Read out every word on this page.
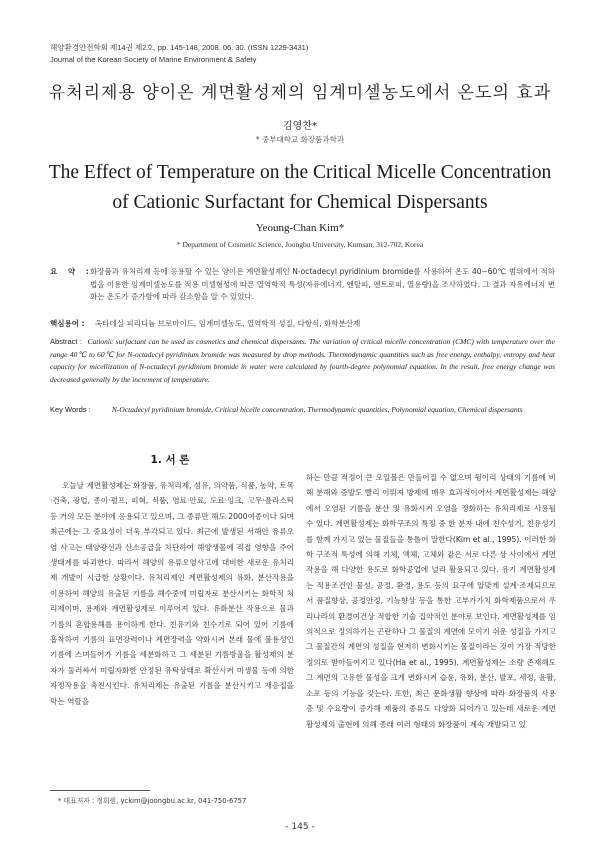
해양환경안전학회 제14권 제2호, pp. 145-148, 2008. 06. 30. (ISSN 1229-3431)
Journal of the Korean Society of Marine Environment & Safety
유처리제용 양이온 계면활성제의 임계미셀농도에서 온도의 효과
김영찬*
* 중부대학교 화장품과학과
The Effect of Temperature on the Critical Micelle Concentration of Cationic Surfactant for Chemical Dispersants
Yeoung-Chan Kim*
* Department of Cosmetic Science, Joongbu University, Kumsan, 312-702, Korea
요 약 :
화장품과 유처리제 등에 응용할 수 있는 양이온 계면활성제인 N-octadecyl pyridinium bromide를 사용하여 온도 40∼60℃ 범위에서 적하법을 이용한 임계미셀농도를 적용 미셀형성에 따른 열역학적 특성(자유에너지, 엔탈피, 엔트로피, 열용량)을 조사하였다. 그 결과 자유에너지 변화는 온도가 증가함에 따라 감소함을 알 수 있었다.
핵심용어 : 옥타데실 피리디늄 브로마이드, 임계미셀농도, 열역학적 성질, 다항식, 화학분산제
Abstract : Cationic surfactant can be used as cosmetics and chemical dispersants. The variation of critical micelle concentration (CMC) with temperature over the range 40℃ to 60℃ for N-octadecyl pyridinium bromide was measured by drop methods. Thermodynamic quantities such as free energy, enthalpy, entropy and heat capacity for micellization of N-octadecyl pyridinium bromide in water were calculated by fourth-degree polynomial equation. In the result, free energy change was decreased generally by the increment of temperature.
Key Words :	N-Octadecyl pyridinium bromide, Critical bicelle concentration, Thermodynamic quantities, Polynomial equation, Chemical dispersants
1. 서 론
오늘날 계면활성제는 화장품, 유처리제, 섬유, 의약품, 식품, 농약, 토목·건축, 광업, 종이·펄프, 피혁, 식품, 염료·안료, 도료·잉크, 고무·플라스틱 등 거의 모든 분야에 응용되고 있으며, 그 종류만 해도 2000여종이나 되며 최근에는 그 중요성이 더욱 부각되고 있다. 최근에 발생된 서해안 유류오염 사고는 태양광선과 산소공급을 차단하여 해양생물에 직접 영향을 주어 생태계를 파괴한다. 따라서 해양의 유류오염사고에 대비한 새로운 유처리제 개발이 시급한 상황이다. 유처리제인 계면활성제의 유화, 분산작용을 이용하여 해양의 유출된 기름을 해수중에 미립자로 분산시키는 화학적 처리제이며, 용제와 계면활성제로 이루어져 있다. 유화분산 작용으로 물과 기름의 혼합용해를 용이하게 한다. 친유기와 친수기로 되어 있어 기름에 흡착하여 기름의 표면장력이나 계면장력을 약화시켜 본래 물에 불용성인 기름에 스며들어가 기름을 세분화하고 그 세분된 기름방울을 활성제의 분자가 둘러싸서 미립자화한 안정된 유탁상태로 확산시켜 미생물 등에 의한 자정작용을 촉진시킨다. 유처리제는 유출된 기름을 분산시키고 재응집을 막는 역할을
하는 만큼 적정이 큰 오일볼은 만들어질 수 없으며 뒹이리 상태의 기름에 비해 분해와 증발도 빨리 이뤄져 방제에 매우 효과적이어서 계면활성제는 해양에서 오염된 기름을 분산 및 유화시켜 오염을 정화하는 유처리제로 사용될 수 있다. 계면활성제는 화학구조의 특징 중 한 분자 내에 친수성기, 친유성기를 함께 가지고 있는 물질들을 통틀어 말한다(Kim et al., 1995). 이러한 화학 구조적 특성에 의해 기체, 액체, 고체와 같은 서로 다른 상 사이에서 계면작용을 해 다양한 용도로 화학공업에 널리 활용되고 있다. 유기 계면활성제는 적용조건인 물성, 공정, 환경, 용도 등의 요구에 알맞게 설계·조제되므로서 품질향상, 공정안정, 기능향상 등을 통한 고부가가치 화학제품으로서 우리나라의 환경여건상 적합한 기술 집약적인 분야로 보인다. 계면활성제를 임의적으로 정의하기는 곤란하나 그 물질의 계면에 모이기 쉬운 성질을 가지고 그 물질간의 계면의 성질을 현저히 변화시키는 물질이라는 것이 가장 적당한 정의로 받아들여지고 있다(Ha et al., 1995). 계면활성제는 소량 존재해도 그 계면의 고유한 물성을 크게 변화시켜 습윤, 유화, 분산, 발포, 세정, 윤활, 소포 등의 기능을 갖는다. 또한, 최근 문화생활 향상에 따라 화장품의 사용 층 및 수요량이 증가해 제품의 종류도 다양화 되어가고 있는데 새로운 계면활성제의 출현에 의해 종래 여러 형태의 화장품이 계속 개발되고 있
* 대표저자 : 정회원, yckim@joongbu.ac.kr, 041-750-6757
- 145 -
